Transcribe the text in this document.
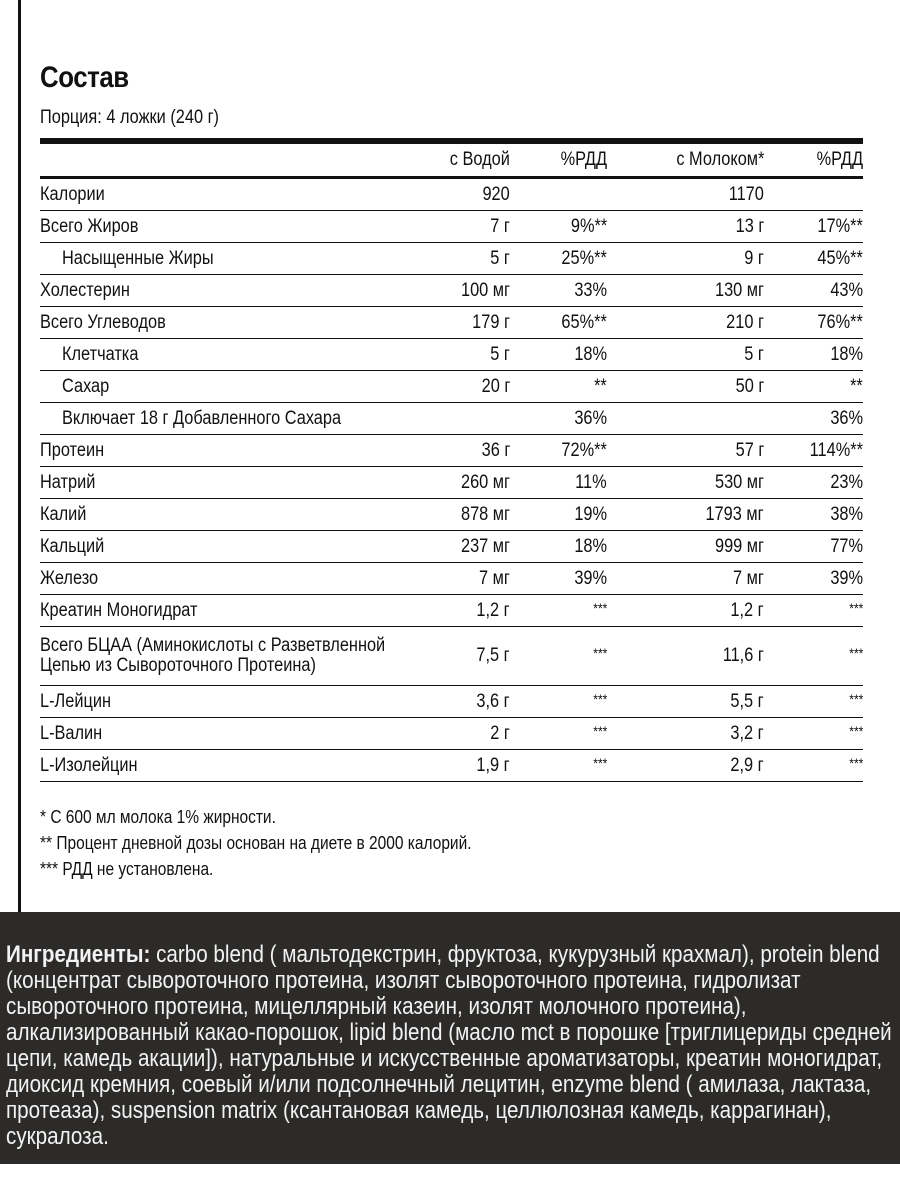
Состав
Порция: 4 ложки (240 г)
	с Водой	%РДД	с Молоком*	%РДД
Калории	920		1170	
Всего Жиров	7 г	9%**	13 г	17%**
Насыщенные Жиры	5 г	25%**	9 г	45%**
Холестерин	100 мг	33%	130 мг	43%
Всего Углеводов	179 г	65%**	210 г	76%**
Клетчатка	5 г	18%	5 г	18%
Сахар	20 г	**	50 г	**
Включает 18 г Добавленного Сахара		36%		36%
Протеин	36 г	72%**	57 г	114%**
Натрий	260 мг	11%	530 мг	23%
Калий	878 мг	19%	1793 мг	38%
Кальций	237 мг	18%	999 мг	77%
Железо	7 мг	39%	7 мг	39%
Креатин Моногидрат	1,2 г	***	1,2 г	***
Всего БЦАА (Аминокислоты с Разветвленной
Цепью из Сывороточного Протеина)	7,5 г	***	11,6 г	***
L-Лейцин	3,6 г	***	5,5 г	***
L-Валин	2 г	***	3,2 г	***
L-Изолейцин	1,9 г	***	2,9 г	***
* С 600 мл молока 1% жирности.
** Процент дневной дозы основан на диете в 2000 калорий.
*** РДД не установлена.
Ингредиенты: carbo blend ( мальтодекстрин, фруктоза, кукурузный крахмал), protein blend
(концентрат сывороточного протеина, изолят сывороточного протеина, гидролизат
сывороточного протеина, мицеллярный казеин, изолят молочного протеина),
алкализированный какао-порошок, lipid blend (масло mct в порошке [триглицериды средней
цепи, камедь акации]), натуральные и искусственные ароматизаторы, креатин моногидрат,
диоксид кремния, соевый и/или подсолнечный лецитин, enzyme blend ( амилаза, лактаза,
протеаза), suspension matrix (ксантановая камедь, целлюлозная камедь, каррагинан),
сукралоза.
